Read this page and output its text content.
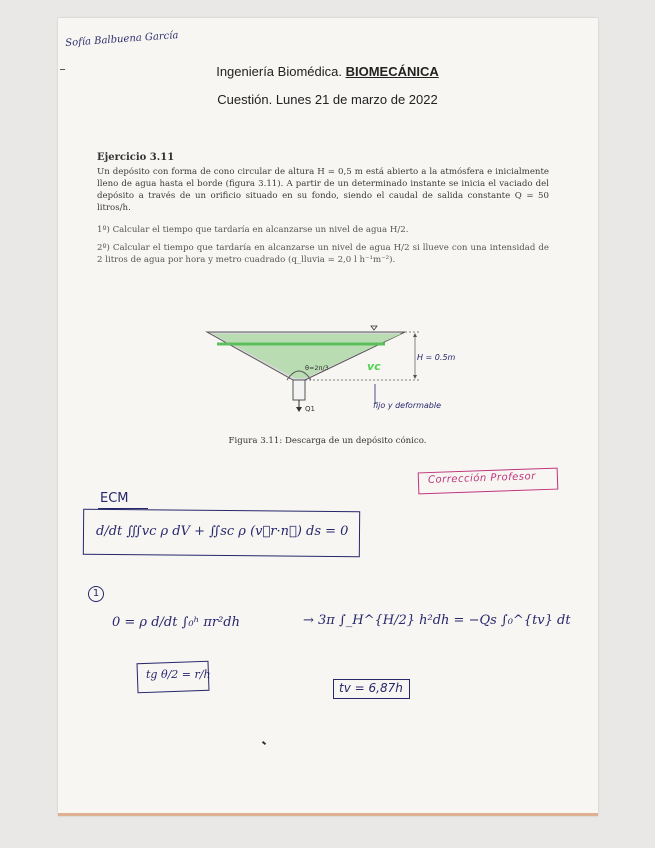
Sofía Balbuena García
Ingeniería Biomédica. BIOMECÁNICA
Cuestión. Lunes 21 de marzo de 2022
Ejercicio 3.11
Un depósito con forma de cono circular de altura H = 0,5 m está abierto a la atmósfera e inicialmente lleno de agua hasta el borde (figura 3.11). A partir de un determinado instante se inicia el vaciado del depósito a través de un orificio situado en su fondo, siendo el caudal de salida constante Q = 50 litros/h.
1º) Calcular el tiempo que tardaría en alcanzarse un nivel de agua H/2.
2º) Calcular el tiempo que tardaría en alcanzarse un nivel de agua H/2 si llueve con una intensidad de 2 litros de agua por hora y metro cuadrado (q_lluvia = 2,0 l h⁻¹m⁻²).
Q1
H = 0.5m
θ=2π/3	vc
fijo y deformable
Figura 3.11: Descarga de un depósito cónico.
Corrección Profesor
ECM
d/dt ∭vc ρ dV + ∬sc ρ (v⃗r·n⃗) ds = 0
1
0 = ρ d/dt ∫₀ʰ πr²dh	→ 3π ∫_H^{H/2} h²dh = −Qs ∫₀^{tv} dt
tg θ/2 = r/h
tv = 6,87h
